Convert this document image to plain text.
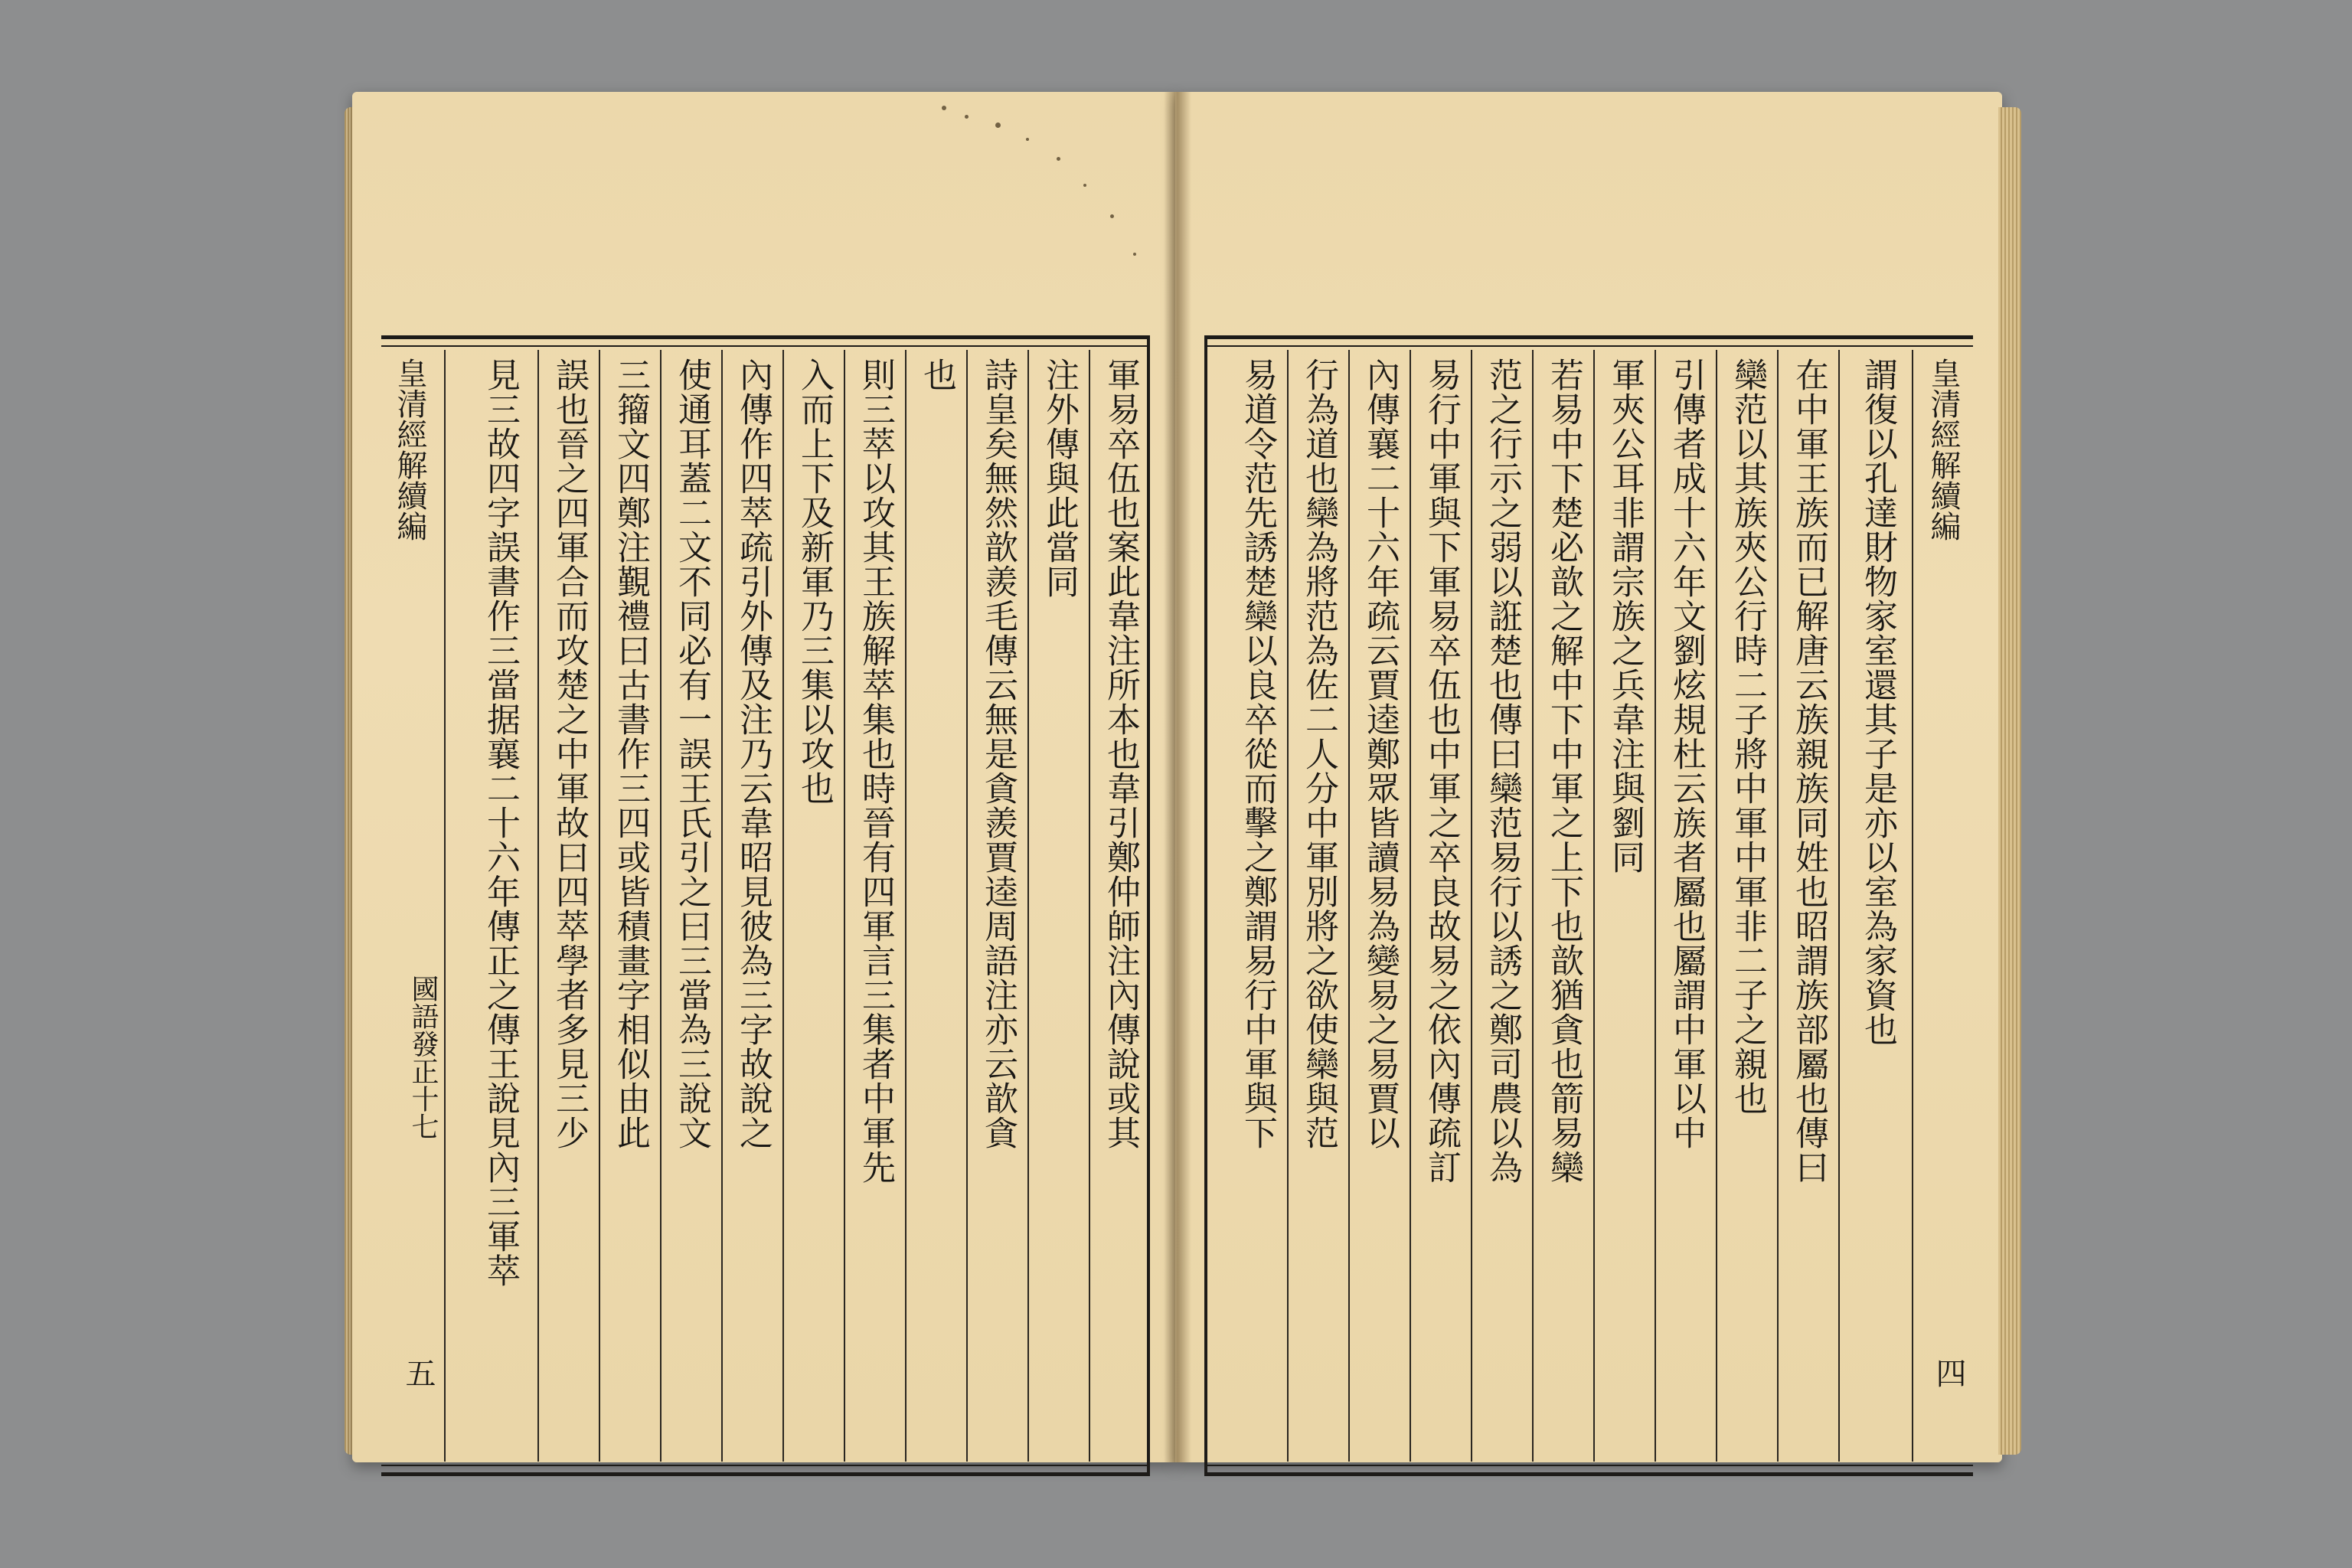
皇清經解續編
國語發正十七
五
軍易卒伍也案此韋注所本也韋引鄭仲師注內傳說或其
注外傳與此當同
詩皇矣無然歆羨毛傳云無是貪羨賈逵周語注亦云歆貪
也
則三萃以攻其王族解萃集也時晉有四軍言三集者中軍先
入而上下及新軍乃三集以攻也
內傳作四萃疏引外傳及注乃云韋昭見彼為三字故說之
使通耳蓋二文不同必有一誤王氏引之曰三當為三說文
三籀文四鄭注覲禮曰古書作三四或皆積畫字相似由此
誤也晉之四軍合而攻楚之中軍故曰四萃學者多見三少
見三故四字誤書作三當据襄二十六年傳正之傳王說見內三軍萃	皇清經解續編
四
謂復以孔達財物家室還其子是亦以室為家資也
在中軍王族而已解唐云族親族同姓也昭謂族部屬也傳曰
欒范以其族夾公行時二子將中軍中軍非二子之親也
引傳者成十六年文劉炫規杜云族者屬也屬謂中軍以中
軍夾公耳非謂宗族之兵韋注與劉同
若易中下楚必歆之解中下中軍之上下也歆猶貪也箭易欒
范之行示之弱以誑楚也傳曰欒范易行以誘之鄭司農以為
易行中軍與下軍易卒伍也中軍之卒良故易之依內傳疏訂
內傳襄二十六年疏云賈逵鄭眾皆讀易為變易之易賈以
行為道也欒為將范為佐二人分中軍別將之欲使欒與范
易道令范先誘楚欒以良卒從而擊之鄭謂易行中軍與下
